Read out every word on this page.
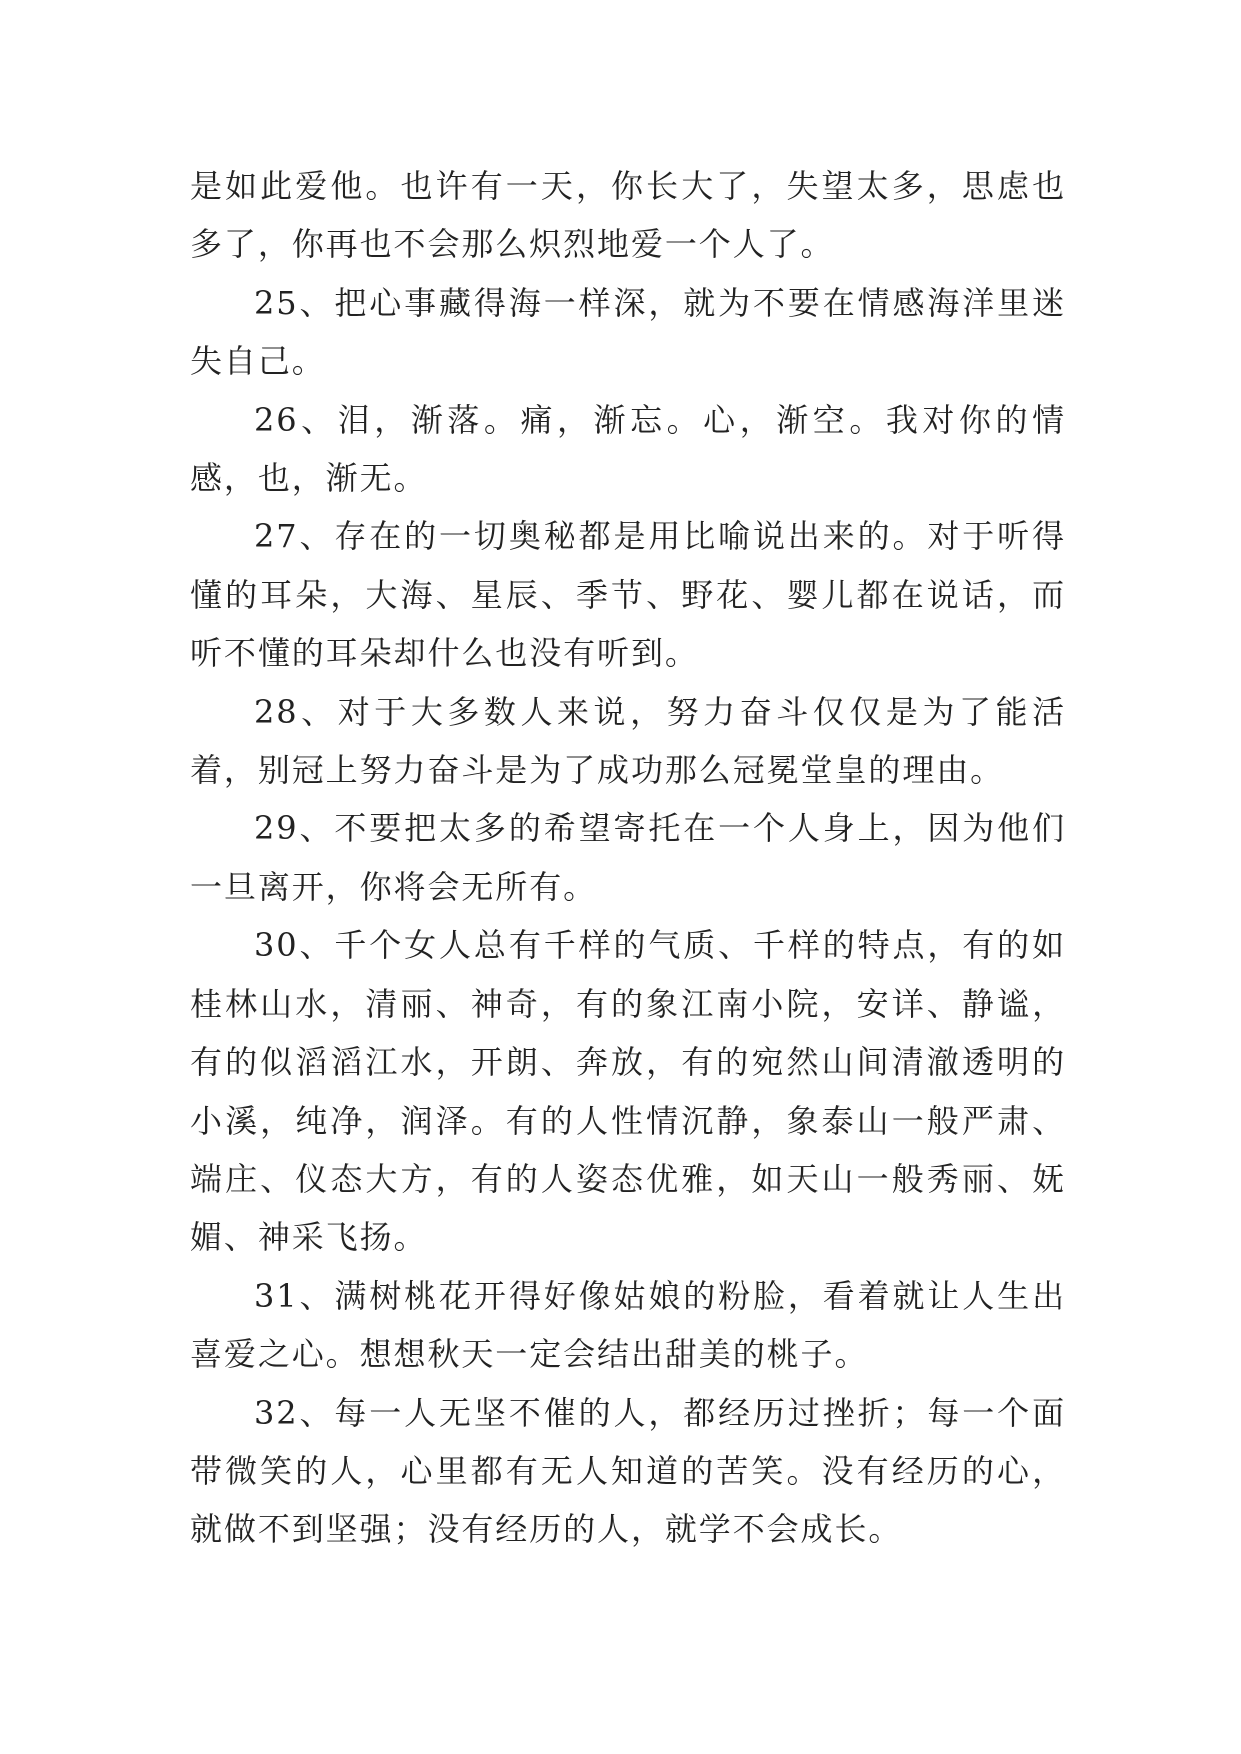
是如此爱他。也许有一天，你长大了，失望太多，思虑也多了，你再也不会那么炽烈地爱一个人了。

25、把心事藏得海一样深，就为不要在情感海洋里迷失自己。

26、泪，渐落。痛，渐忘。心，渐空。我对你的情感，也，渐无。

27、存在的一切奥秘都是用比喻说出来的。对于听得懂的耳朵，大海、星辰、季节、野花、婴儿都在说话，而听不懂的耳朵却什么也没有听到。

28、对于大多数人来说，努力奋斗仅仅是为了能活着，别冠上努力奋斗是为了成功那么冠冕堂皇的理由。

29、不要把太多的希望寄托在一个人身上，因为他们一旦离开，你将会无所有。

30、千个女人总有千样的气质、千样的特点，有的如桂林山水，清丽、神奇，有的象江南小院，安详、静谧，有的似滔滔江水，开朗、奔放，有的宛然山间清澈透明的小溪，纯净，润泽。有的人性情沉静，象泰山一般严肃、端庄、仪态大方，有的人姿态优雅，如天山一般秀丽、妩媚、神采飞扬。

31、满树桃花开得好像姑娘的粉脸，看着就让人生出喜爱之心。想想秋天一定会结出甜美的桃子。

32、每一人无坚不催的人，都经历过挫折；每一个面带微笑的人，心里都有无人知道的苦笑。没有经历的心，就做不到坚强；没有经历的人，就学不会成长。
